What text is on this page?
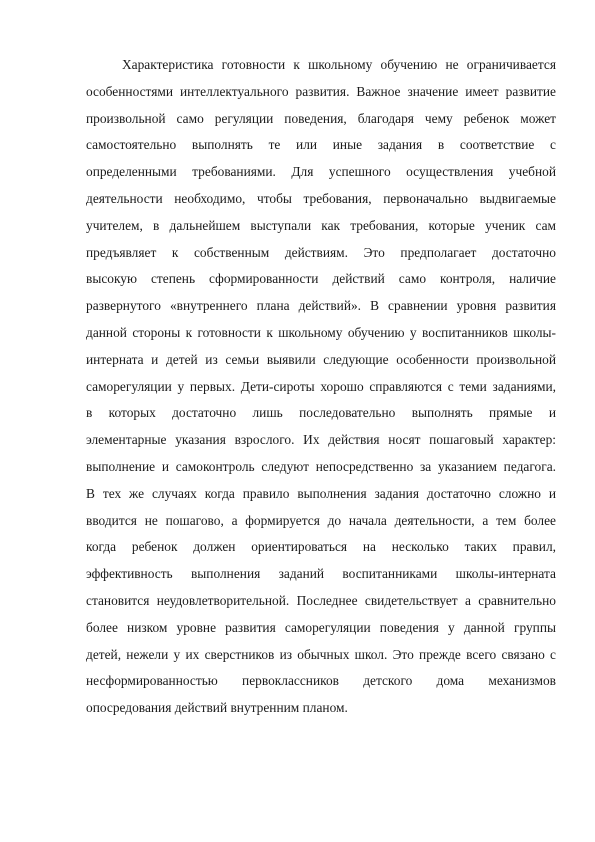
Характеристика готовности к школьному обучению не ограничивается
особенностями интеллектуального развития. Важное значение имеет развитие
произвольной само регуляции поведения, благодаря чему ребенок может
самостоятельно выполнять те или иные задания в соответствие с
определенными требованиями. Для успешного осуществления учебной
деятельности необходимо, чтобы требования, первоначально выдвигаемые
учителем, в дальнейшем выступали как требования, которые ученик сам
предъявляет к собственным действиям. Это предполагает достаточно
высокую степень сформированности действий само контроля, наличие
развернутого «внутреннего плана действий». В сравнении уровня развития
данной стороны к готовности к школьному обучению у воспитанников школы-
интерната и детей из семьи выявили следующие особенности произвольной
саморегуляции у первых. Дети-сироты хорошо справляются с теми заданиями,
в которых достаточно лишь последовательно выполнять прямые и
элементарные указания взрослого. Их действия носят пошаговый характер:
выполнение и самоконтроль следуют непосредственно за указанием педагога.
В тех же случаях когда правило выполнения задания достаточно сложно и
вводится не пошагово, а формируется до начала деятельности, а тем более
когда ребенок должен ориентироваться на несколько таких правил,
эффективность выполнения заданий воспитанниками школы-интерната
становится неудовлетворительной. Последнее свидетельствует а сравнительно
более низком уровне развития саморегуляции поведения у данной группы
детей, нежели у их сверстников из обычных школ. Это прежде всего связано с
несформированностью первоклассников детского дома механизмов
опосредования действий внутренним планом.
